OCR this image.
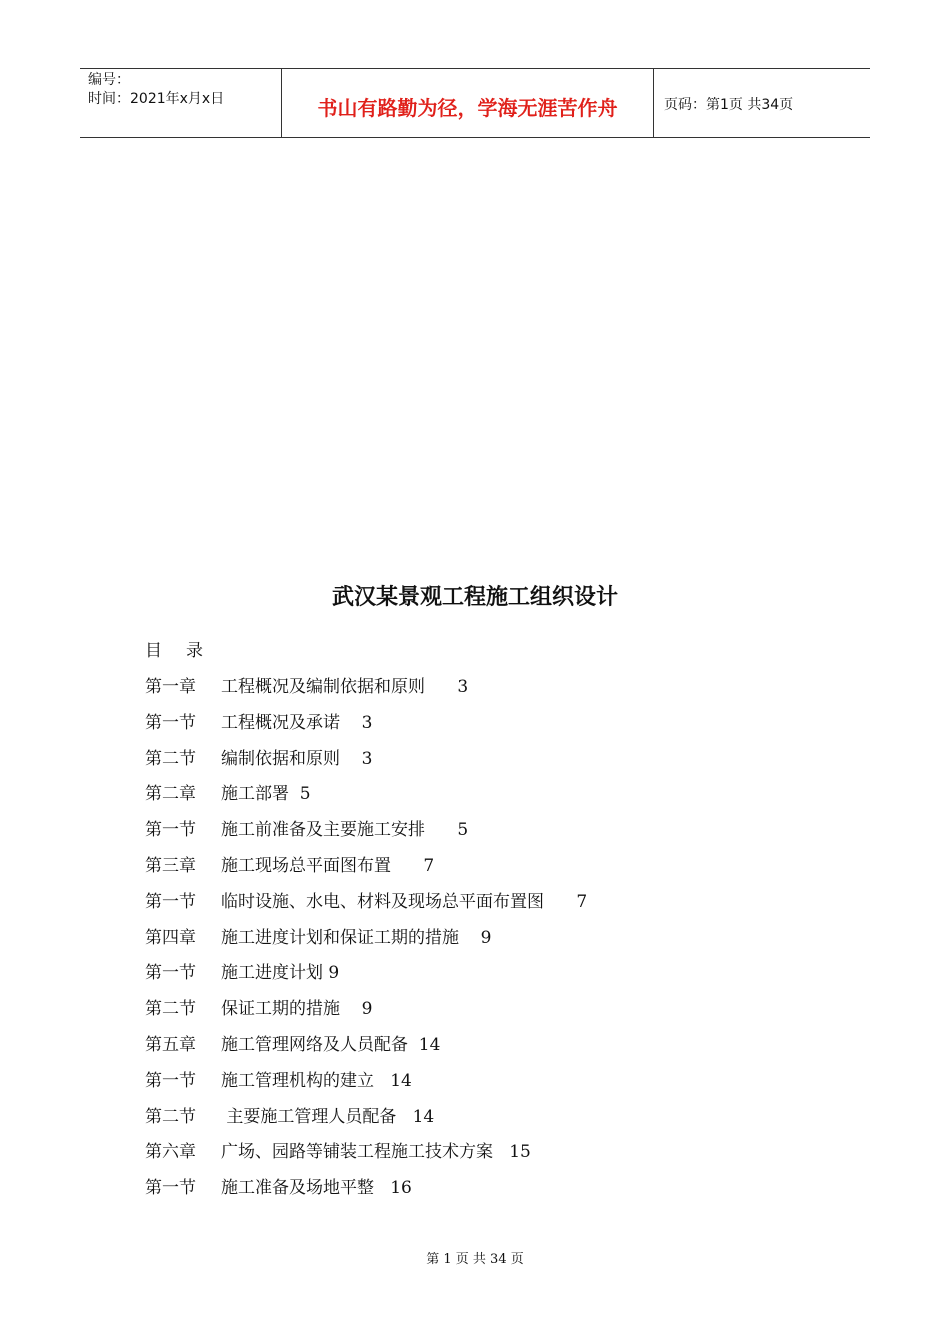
编号：
时间：2021年x月x日	书山有路勤为径，学海无涯苦作舟	页码：第1页 共34页
武汉某景观工程施工组织设计
目录
第一章 工程概况及编制依据和原则      3
第一节 工程概况及承诺    3
第二节 编制依据和原则    3
第二章 施工部署  5
第一节 施工前准备及主要施工安排      5
第三章 施工现场总平面图布置      7
第一节 临时设施、水电、材料及现场总平面布置图      7
第四章 施工进度计划和保证工期的措施    9
第一节 施工进度计划 9
第二节 保证工期的措施    9
第五章 施工管理网络及人员配备  14
第一节 施工管理机构的建立   14
第二节 主要施工管理人员配备   14
第六章 广场、园路等铺装工程施工技术方案   15
第一节 施工准备及场地平整   16
第 1 页 共 34 页
